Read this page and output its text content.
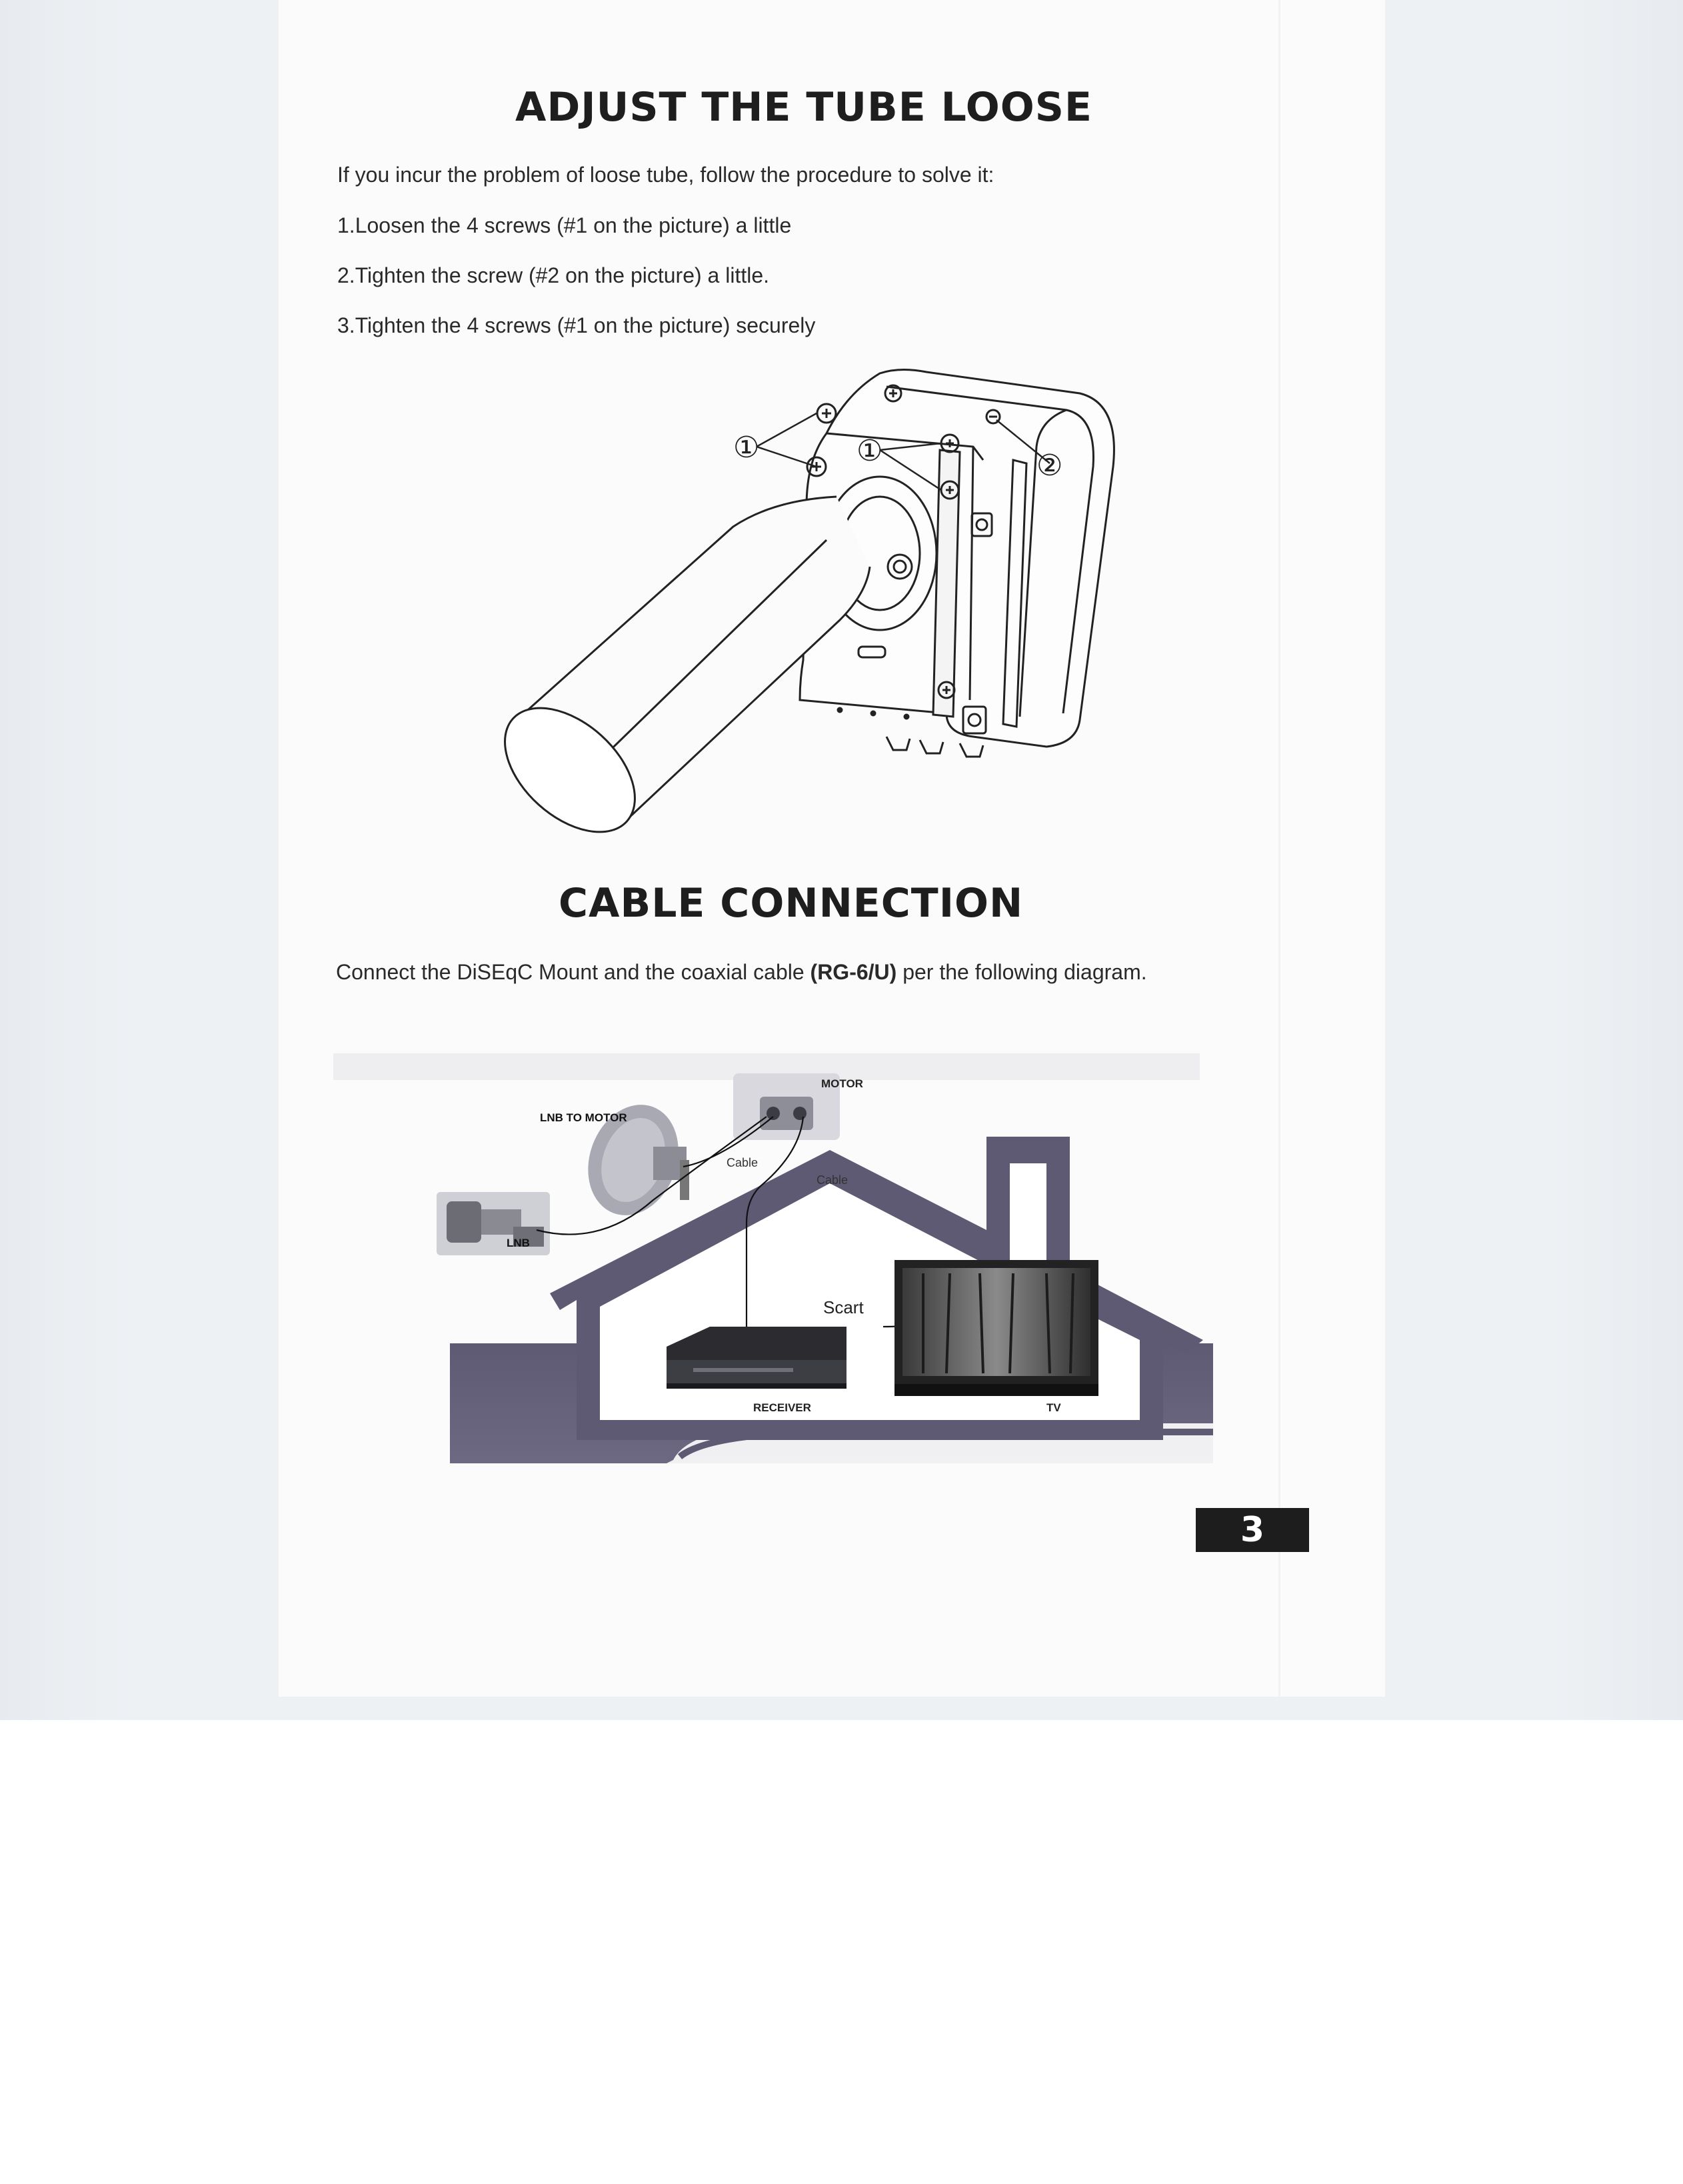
ADJUST THE TUBE LOOSE

If you incur the problem of loose tube, follow the procedure to solve it:

1.Loosen the 4 screws (#1 on the picture) a little

2.Tighten the screw (#2 on the picture) a little.

3.Tighten the 4 screws (#1 on the picture) securely

①	①	②
CABLE CONNECTION

Connect the DiSEqC Mount and the coaxial cable (RG-6/U) per the following diagram.

LNB TO MOTOR
MOTOR
Cable
Cable
LNB
Scart
RECEIVER	TV
3
